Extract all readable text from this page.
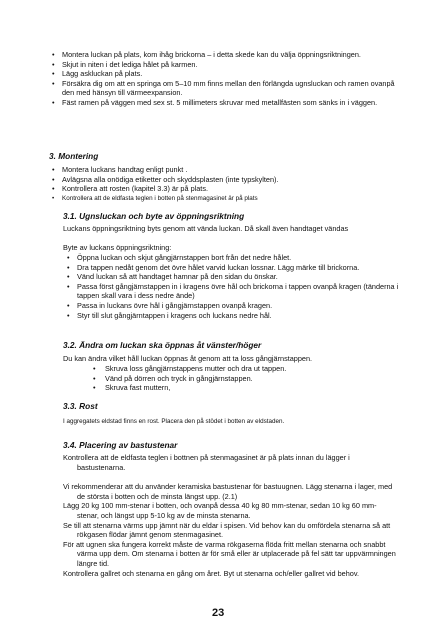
• Montera luckan på plats, kom ihåg brickorna – i detta skede kan du välja öppningsriktningen.
• Skjut in niten i det lediga hålet på karmen.
• Lägg askluckan på plats.
• Försäkra dig om att en springa om 5–10 mm finns mellan den förlängda ugnsluckan och ramen ovanpå den med hänsyn till värmeexpansion.
• Fäst ramen på väggen med sex st. 5 millimeters skruvar med metallfästen som sänks in i väggen.
3. Montering
• Montera luckans handtag enligt punkt .
• Avlägsna alla onödiga etiketter och skyddsplasten (inte typskylten).
• Kontrollera att rosten (kapitel 3.3) är på plats.
• Kontrollera att de eldfasta teglen i botten på stenmagasinet är på plats
3.1. Ugnsluckan och byte av öppningsriktning

Luckans öppningsriktning byts genom att vända luckan. Då skall även handtaget vändas

Byte av luckans öppningsriktning:

• Öppna luckan och skjut gångjärnstappen bort från det nedre hålet.
• Dra tappen nedåt genom det övre hålet varvid luckan lossnar. Lägg märke till brickorna.
• Vänd luckan så att handtaget hamnar på den sidan du önskar.
• Passa först gångjärnstappen in i kragens övre hål och brickorna i tappen ovanpå kragen (tänderna i tappen skall vara i dess nedre ände)
• Passa in luckans övre hål i gångjärnstappen ovanpå kragen.
• Styr till slut gångjärntappen i kragens och luckans nedre hål.
3.2. Ändra om luckan ska öppnas åt vänster/höger

Du kan ändra vilket håll luckan öppnas åt genom att ta loss gångjärnstappen.

• Skruva loss gångjärnstappens mutter och dra ut tappen.
• Vänd på dörren och tryck in gångjärnstappen.
• Skruva fast muttern,
3.3. Rost

I aggregatets eldstad finns en rost. Placera den på stödet i botten av eldstaden.

3.4. Placering av bastustenar

Kontrollera att de eldfasta teglen i bottnen på stenmagasinet är på plats innan du lägger i bastustenarna.

Vi rekommenderar att du använder keramiska bastustenar för bastuugnen. Lägg stenarna i lager, med de största i botten och de minsta längst upp. (2.1)

Lägg 20 kg 100 mm-stenar i botten, och ovanpå dessa 40 kg 80 mm-stenar, sedan 10 kg 60 mm-stenar, och längst upp 5-10 kg av de minsta stenarna.

Se till att stenarna värms upp jämnt när du eldar i spisen. Vid behov kan du omfördela stenarna så att rökgasen flödar jämnt genom stenmagasinet.

För att ugnen ska fungera korrekt måste de varma rökgaserna flöda fritt mellan stenarna och snabbt värma upp dem. Om stenarna i botten är för små eller är utplacerade på fel sätt tar uppvärmningen längre tid.

Kontrollera gallret och stenarna en gång om året. Byt ut stenarna och/eller gallret vid behov.

23
